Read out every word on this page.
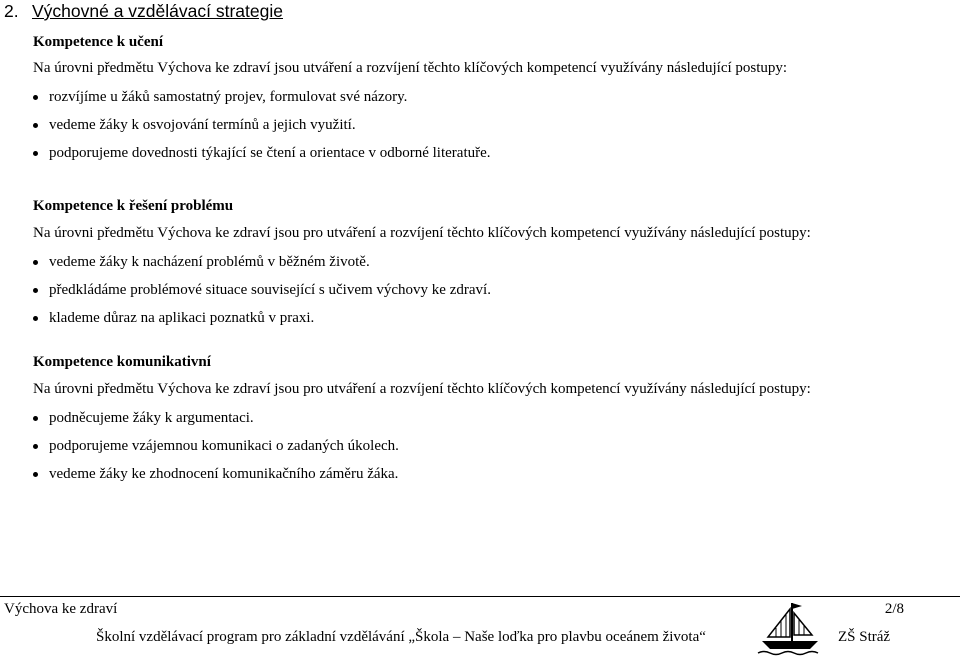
2. Výchovné a vzdělávací strategie
Kompetence k učení
Na úrovni předmětu Výchova ke zdraví jsou utváření a rozvíjení těchto klíčových kompetencí využívány následující postupy:
rozvíjíme u žáků samostatný projev, formulovat své názory.
vedeme žáky k osvojování termínů a jejich využití.
podporujeme dovednosti týkající se čtení a orientace v odborné literatuře.
Kompetence k řešení problému
Na úrovni předmětu Výchova ke zdraví jsou pro utváření a rozvíjení těchto klíčových kompetencí využívány následující postupy:
vedeme žáky k nacházení problémů v běžném životě.
předkládáme problémové situace související s učivem výchovy ke zdraví.
klademe důraz na aplikaci poznatků v praxi.
Kompetence komunikativní
Na úrovni předmětu Výchova ke zdraví jsou pro utváření a rozvíjení těchto klíčových kompetencí využívány následující postupy:
podněcujeme žáky k argumentaci.
podporujeme vzájemnou komunikaci o zadaných úkolech.
vedeme žáky ke zhodnocení komunikačního záměru žáka.
Výchova ke zdraví	2/8
Školní vzdělávací program pro základní vzdělávání „Škola – Naše loďka pro plavbu oceánem života“	ZŠ Stráž
